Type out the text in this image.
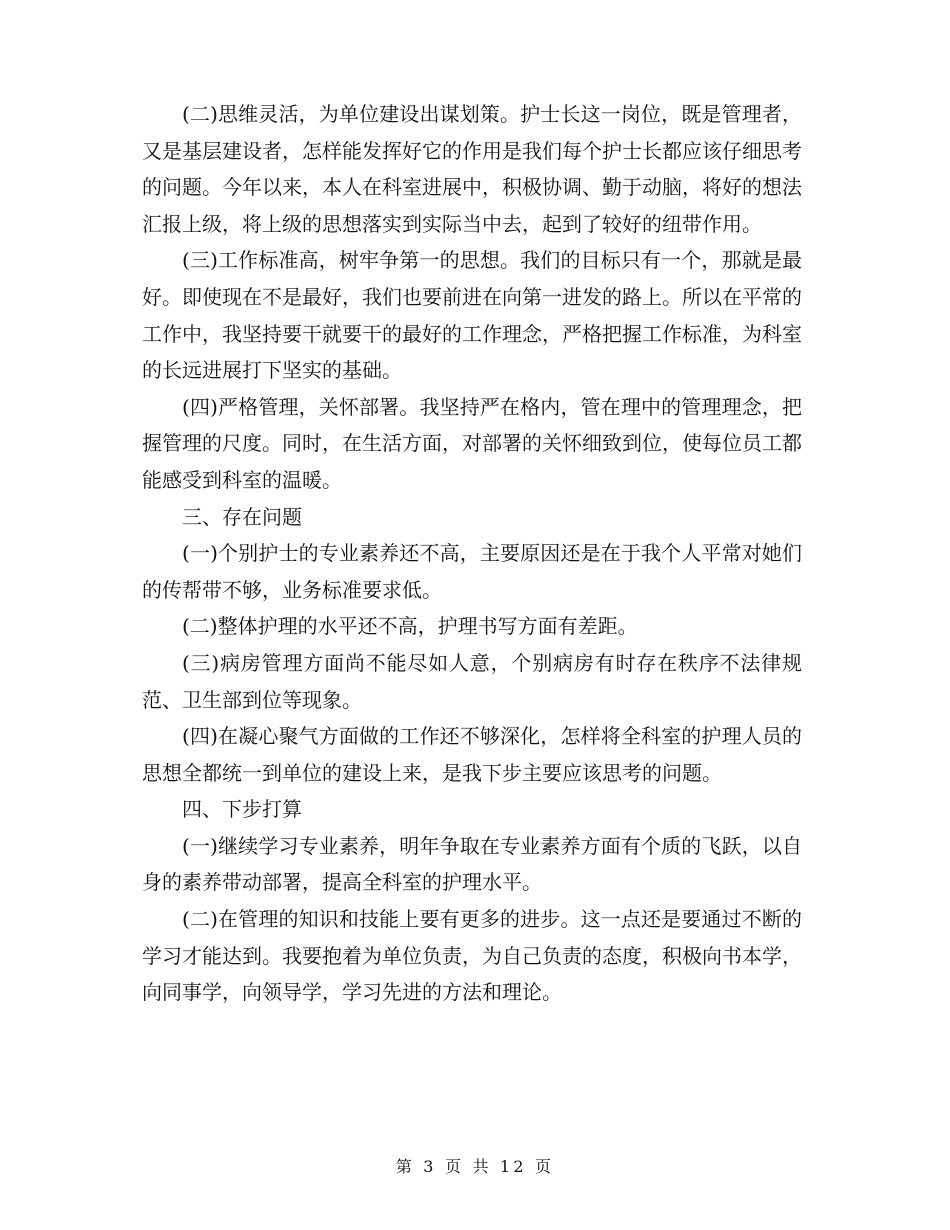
(二)思维灵活，为单位建设出谋划策。护士长这一岗位，既是管理者，又是基层建设者，怎样能发挥好它的作用是我们每个护士长都应该仔细思考的问题。今年以来，本人在科室进展中，积极协调、勤于动脑，将好的想法汇报上级，将上级的思想落实到实际当中去，起到了较好的纽带作用。

(三)工作标准高，树牢争第一的思想。我们的目标只有一个，那就是最好。即使现在不是最好，我们也要前进在向第一进发的路上。所以在平常的工作中，我坚持要干就要干的最好的工作理念，严格把握工作标准，为科室的长远进展打下坚实的基础。

(四)严格管理，关怀部署。我坚持严在格内，管在理中的管理理念，把握管理的尺度。同时，在生活方面，对部署的关怀细致到位，使每位员工都能感受到科室的温暖。

三、存在问题

(一)个别护士的专业素养还不高，主要原因还是在于我个人平常对她们的传帮带不够，业务标准要求低。

(二)整体护理的水平还不高，护理书写方面有差距。

(三)病房管理方面尚不能尽如人意，个别病房有时存在秩序不法律规范、卫生部到位等现象。

(四)在凝心聚气方面做的工作还不够深化，怎样将全科室的护理人员的思想全都统一到单位的建设上来，是我下步主要应该思考的问题。

四、下步打算

(一)继续学习专业素养，明年争取在专业素养方面有个质的飞跃，以自身的素养带动部署，提高全科室的护理水平。

(二)在管理的知识和技能上要有更多的进步。这一点还是要通过不断的学习才能达到。我要抱着为单位负责，为自己负责的态度，积极向书本学，向同事学，向领导学，学习先进的方法和理论。

第 3 页 共 12 页
